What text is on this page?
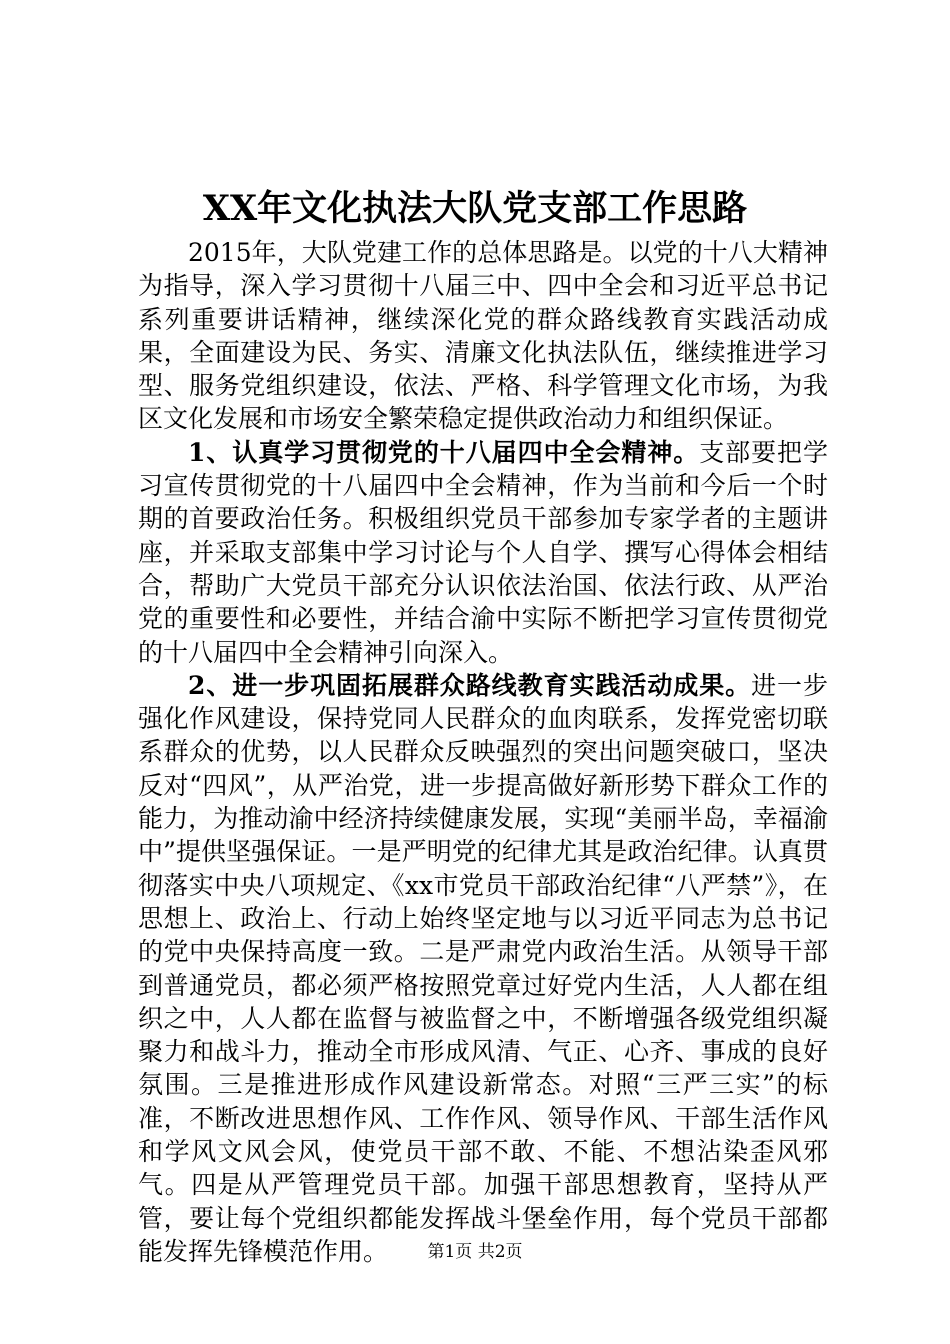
XX年文化执法大队党支部工作思路

2015年，大队党建工作的总体思路是。以党的十八大精神为指导，深入学习贯彻十八届三中、四中全会和习近平总书记系列重要讲话精神，继续深化党的群众路线教育实践活动成果，全面建设为民、务实、清廉文化执法队伍，继续推进学习型、服务党组织建设，依法、严格、科学管理文化市场，为我区文化发展和市场安全繁荣稳定提供政治动力和组织保证。

1、认真学习贯彻党的十八届四中全会精神。支部要把学习宣传贯彻党的十八届四中全会精神，作为当前和今后一个时期的首要政治任务。积极组织党员干部参加专家学者的主题讲座，并采取支部集中学习讨论与个人自学、撰写心得体会相结合，帮助广大党员干部充分认识依法治国、依法行政、从严治党的重要性和必要性，并结合渝中实际不断把学习宣传贯彻党的十八届四中全会精神引向深入。

2、进一步巩固拓展群众路线教育实践活动成果。进一步强化作风建设，保持党同人民群众的血肉联系，发挥党密切联系群众的优势，以人民群众反映强烈的突出问题突破口，坚决反对“四风”，从严治党，进一步提高做好新形势下群众工作的能力，为推动渝中经济持续健康发展，实现“美丽半岛，幸福渝中”提供坚强保证。一是严明党的纪律尤其是政治纪律。认真贯彻落实中央八项规定、《xx市党员干部政治纪律“八严禁”》，在思想上、政治上、行动上始终坚定地与以习近平同志为总书记的党中央保持高度一致。二是严肃党内政治生活。从领导干部到普通党员，都必须严格按照党章过好党内生活，人人都在组织之中，人人都在监督与被监督之中，不断增强各级党组织凝聚力和战斗力，推动全市形成风清、气正、心齐、事成的良好氛围。三是推进形成作风建设新常态。对照“三严三实”的标准，不断改进思想作风、工作作风、领导作风、干部生活作风和学风文风会风，使党员干部不敢、不能、不想沾染歪风邪气。四是从严管理党员干部。加强干部思想教育，坚持从严管，要让每个党组织都能发挥战斗堡垒作用，每个党员干部都能发挥先锋模范作用。	第1页 共2页
